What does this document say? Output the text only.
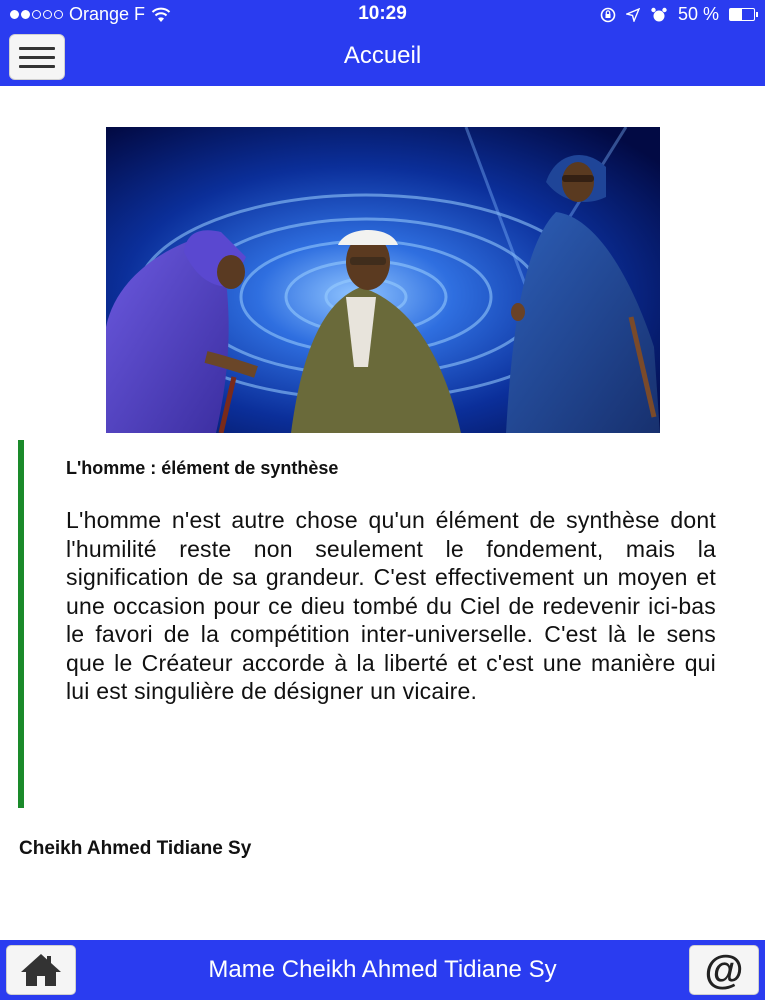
Orange F	10:29	50 %
Accueil
L'homme : élément de synthèse
L'homme n'est autre chose qu'un élément de synthèse dont l'humilité reste non seulement le fondement, mais la signification de sa grandeur. C'est effectivement un moyen et une occasion pour ce dieu tombé du Ciel de redevenir ici-bas le favori de la compétition inter-universelle. C'est là le sens que le Créateur accorde à la liberté et c'est une manière qui lui est singulière de désigner un vicaire.
Cheikh Ahmed Tidiane Sy
Mame Cheikh Ahmed Tidiane Sy	@
